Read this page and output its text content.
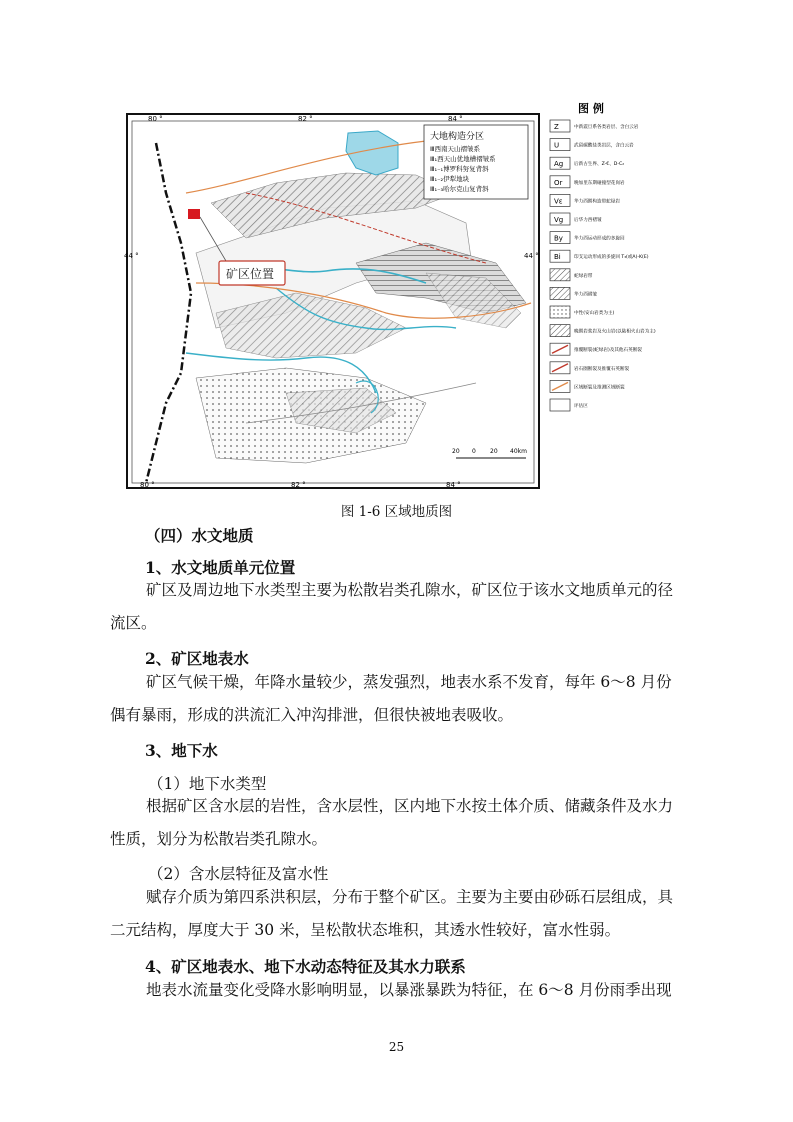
大地构造分区
Ⅲ西南天山褶皱系
Ⅲ₁西天山优地槽褶皱系
Ⅲ₁₋₁博罗科努复背斜
Ⅲ₁₋₂伊犁地块
Ⅲ₁₋₃哈尔克山复背斜
80 °	82 °	84 °
80 °	82 °	84 °
44 °	44 °
矿区位置
20 0 20 40km
图 例
Z	中新震旦系各类岩层、含白云岩
U	武留碳酸盐类岩层，含白云岩
Ag 后新古生界、Z-€、D-C₂
Or	晚加里东期碰撞型花岗岩
Vε 华力西期构造带蛇绿岩
Vg 后华力西褶皱
By 华力西运动形成的多旋回
Bi	印支运动形成的多旋回 T₃(或A)-K(E)
蛇绿岩带
华力西褶皱
中性(安山岩类为主)
晚期岩浆岩及火山岩(以陆相火山岩为主)
推覆断裂(蛇绿岩)及其他石英断裂
岩石圈断裂及推覆石英断裂
区域断裂及推测区域断裂
评估区
图 1-6 区域地质图
（四）水文地质
1、水文地质单元位置
矿区及周边地下水类型主要为松散岩类孔隙水，矿区位于该水文地质单元的径流区。
2、矿区地表水
矿区气候干燥，年降水量较少，蒸发强烈，地表水系不发育，每年 6～8 月份偶有暴雨，形成的洪流汇入冲沟排泄，但很快被地表吸收。
3、地下水
（1）地下水类型
根据矿区含水层的岩性，含水层性，区内地下水按土体介质、储藏条件及水力性质，划分为松散岩类孔隙水。
（2）含水层特征及富水性
赋存介质为第四系洪积层，分布于整个矿区。主要为主要由砂砾石层组成，具二元结构，厚度大于 30 米，呈松散状态堆积，其透水性较好，富水性弱。
4、矿区地表水、地下水动态特征及其水力联系
地表水流量变化受降水影响明显，以暴涨暴跌为特征，在 6～8 月份雨季出现
25
